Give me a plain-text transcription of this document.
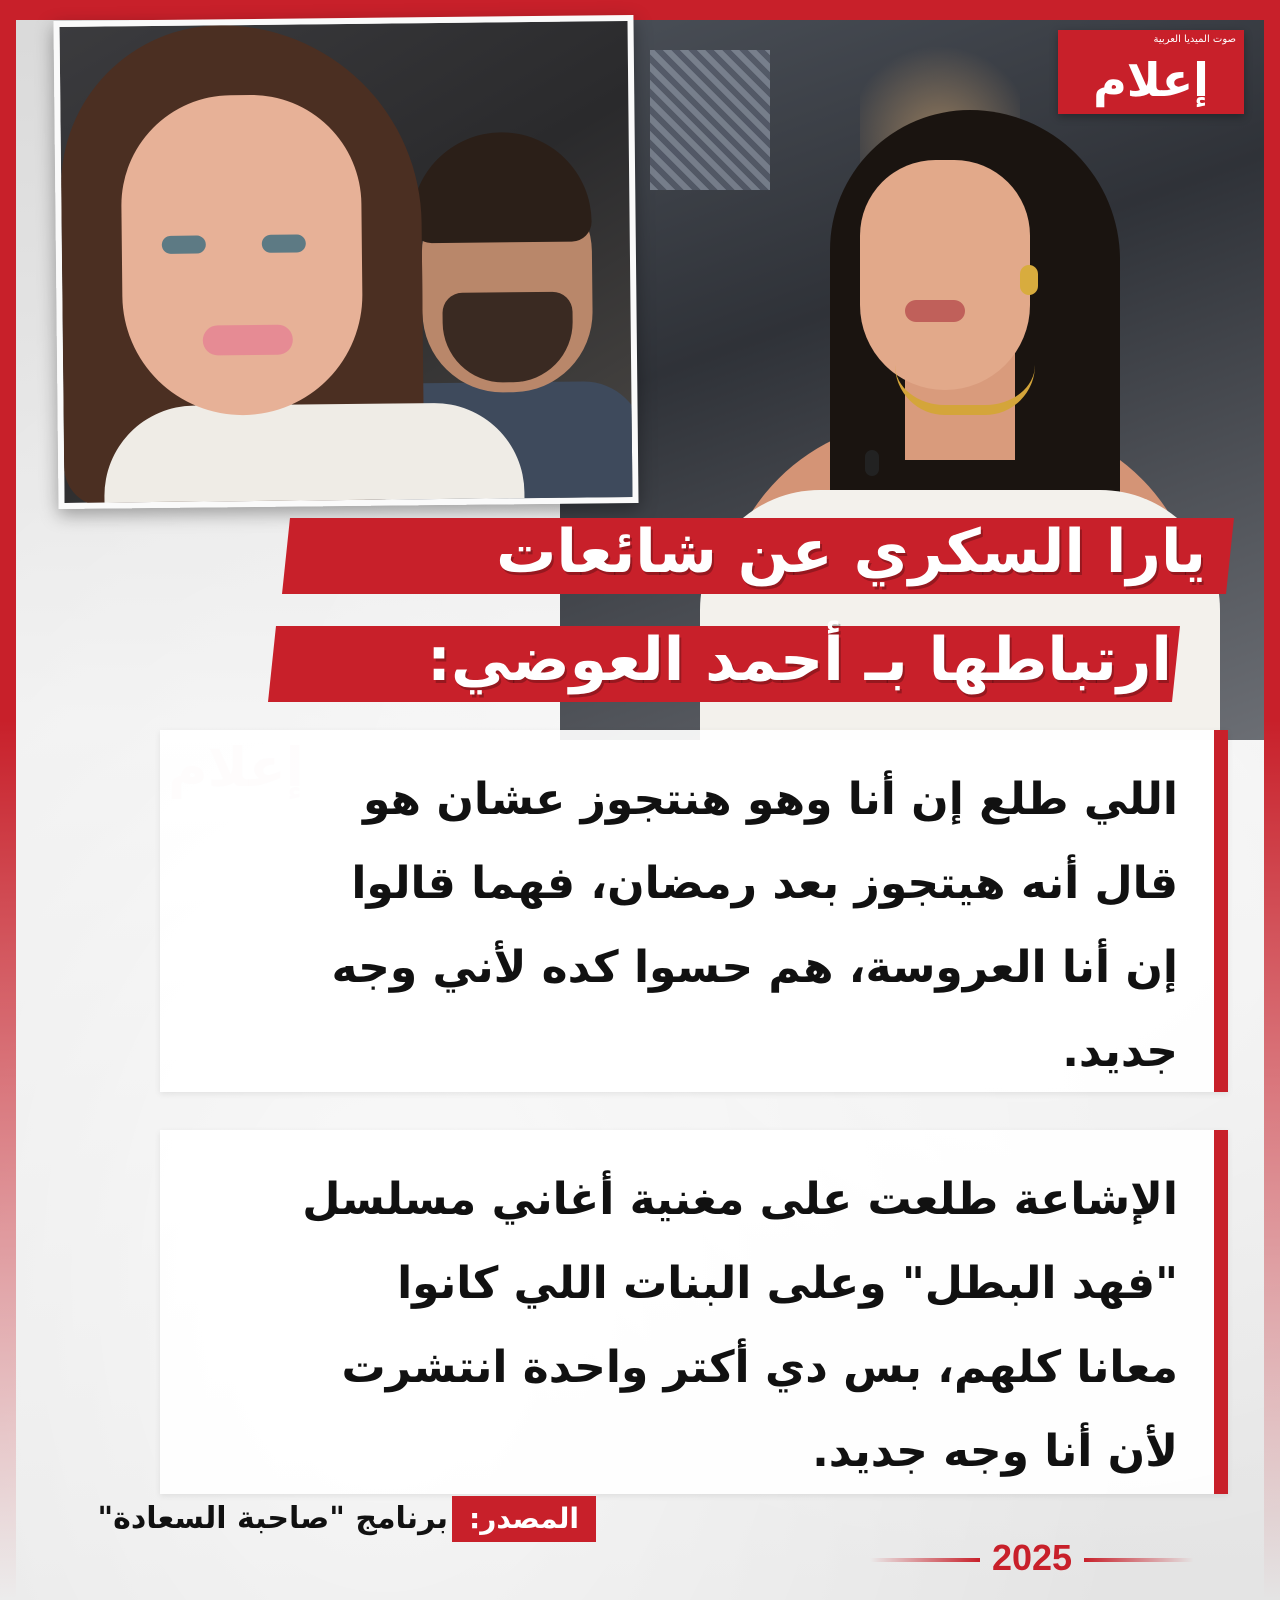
صوت الميديا العربية
إعلام
يارا السكري عن شائعات
ارتباطها بـ أحمد العوضي:
اللي طلع إن أنا وهو هنتجوز عشان هو
قال أنه هيتجوز بعد رمضان، فهما قالوا
إن أنا العروسة، هم حسوا كده لأني وجه
جديد.
الإشاعة طلعت على مغنية أغاني مسلسل
"فهد البطل" وعلى البنات اللي كانوا
معانا كلهم، بس دي أكتر واحدة انتشرت
لأن أنا وجه جديد.
المصدر:
برنامج "صاحبة السعادة"
2025
